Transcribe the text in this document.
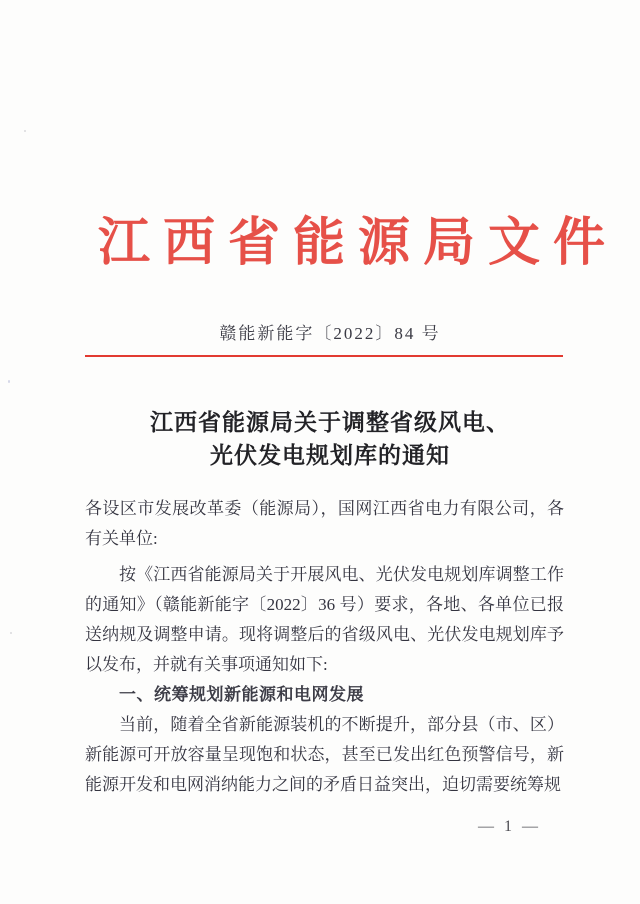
江西省能源局文件
赣能新能字〔2022〕84 号
江西省能源局关于调整省级风电、
光伏发电规划库的通知

各设区市发展改革委（能源局），国网江西省电力有限公司，各有关单位:

按《江西省能源局关于开展风电、光伏发电规划库调整工作的通知》（赣能新能字〔2022〕36 号）要求，各地、各单位已报送纳规及调整申请。现将调整后的省级风电、光伏发电规划库予以发布，并就有关事项通知如下:

一、统筹规划新能源和电网发展

当前，随着全省新能源装机的不断提升，部分县（市、区）新能源可开放容量呈现饱和状态，甚至已发出红色预警信号，新能源开发和电网消纳能力之间的矛盾日益突出，迫切需要统筹规

— 1 —
